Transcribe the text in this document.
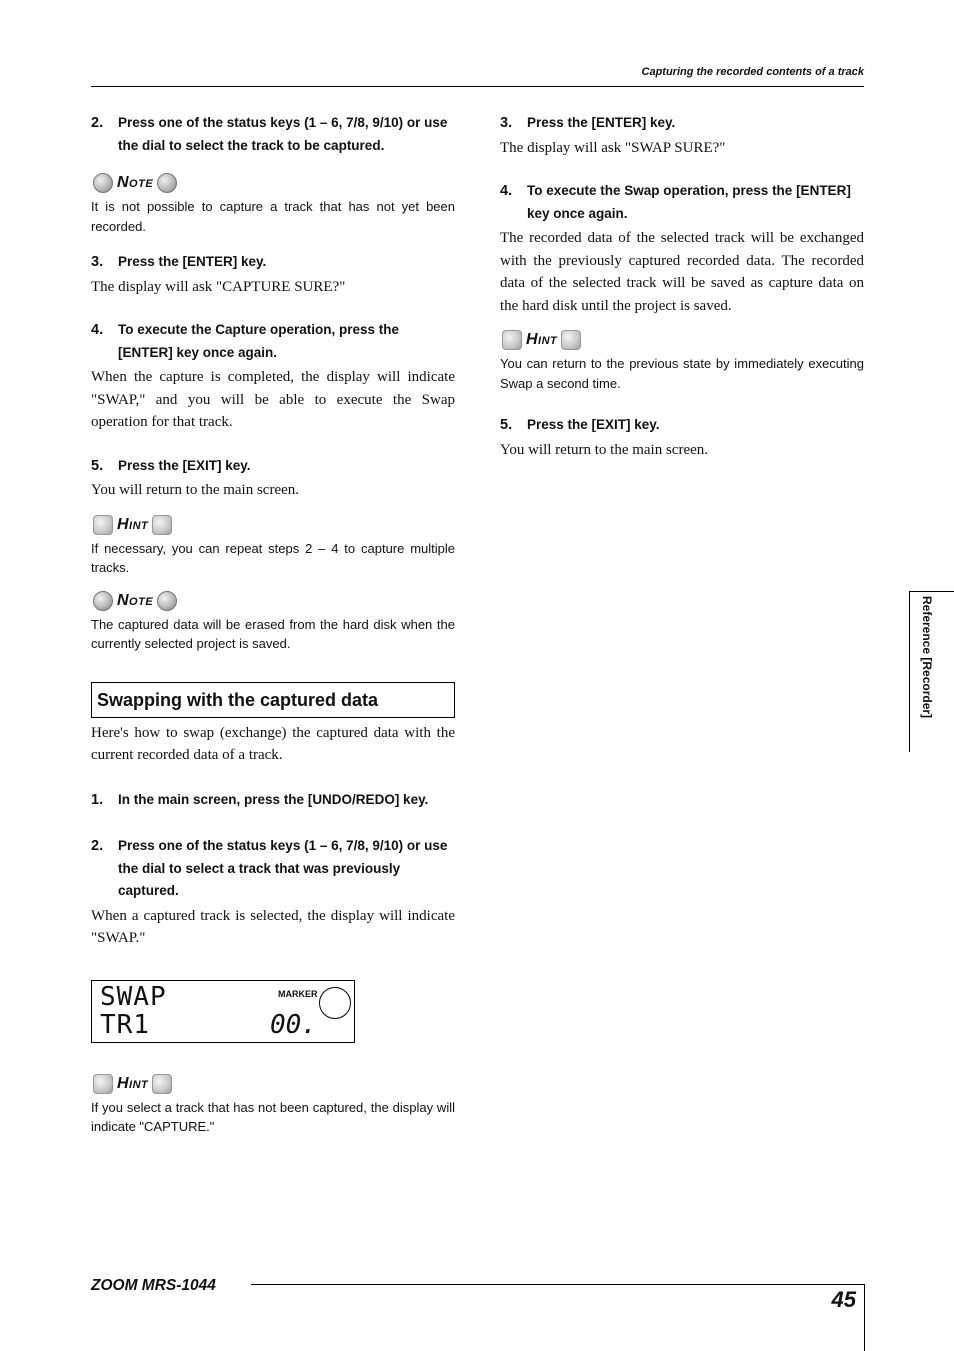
Capturing the recorded contents of a track
2. Press one of the status keys (1 – 6, 7/8, 9/10) or use the dial to select the track to be captured.
Note

It is not possible to capture a track that has not yet been recorded.

3. Press the [ENTER] key.

The display will ask "CAPTURE SURE?"

4. To execute the Capture operation, press the [ENTER] key once again.

When the capture is completed, the display will indicate "SWAP," and you will be able to execute the Swap operation for that track.

5. Press the [EXIT] key.

You will return to the main screen.

Hint

If necessary, you can repeat steps 2 – 4 to capture multiple tracks.

Note

The captured data will be erased from the hard disk when the currently selected project is saved.

Swapping with the captured data

Here's how to swap (exchange) the captured data with the current recorded data of a track.

1. In the main screen, press the [UNDO/REDO] key.
2. Press one of the status keys (1 – 6, 7/8, 9/10) or use the dial to select a track that was previously captured.

When a captured track is selected, the display will indicate "SWAP."

SWAP
TR1
MARKER
00.
Hint

If you select a track that has not been captured, the display will indicate "CAPTURE."

3. Press the [ENTER] key.

The display will ask "SWAP SURE?"

4. To execute the Swap operation, press the [ENTER] key once again.

The recorded data of the selected track will be exchanged with the previously captured recorded data. The recorded data of the selected track will be saved as capture data on the hard disk until the project is saved.

Hint

You can return to the previous state by immediately executing Swap a second time.

5. Press the [EXIT] key.

You will return to the main screen.

Reference [Recorder]
ZOOM MRS-1044
45
